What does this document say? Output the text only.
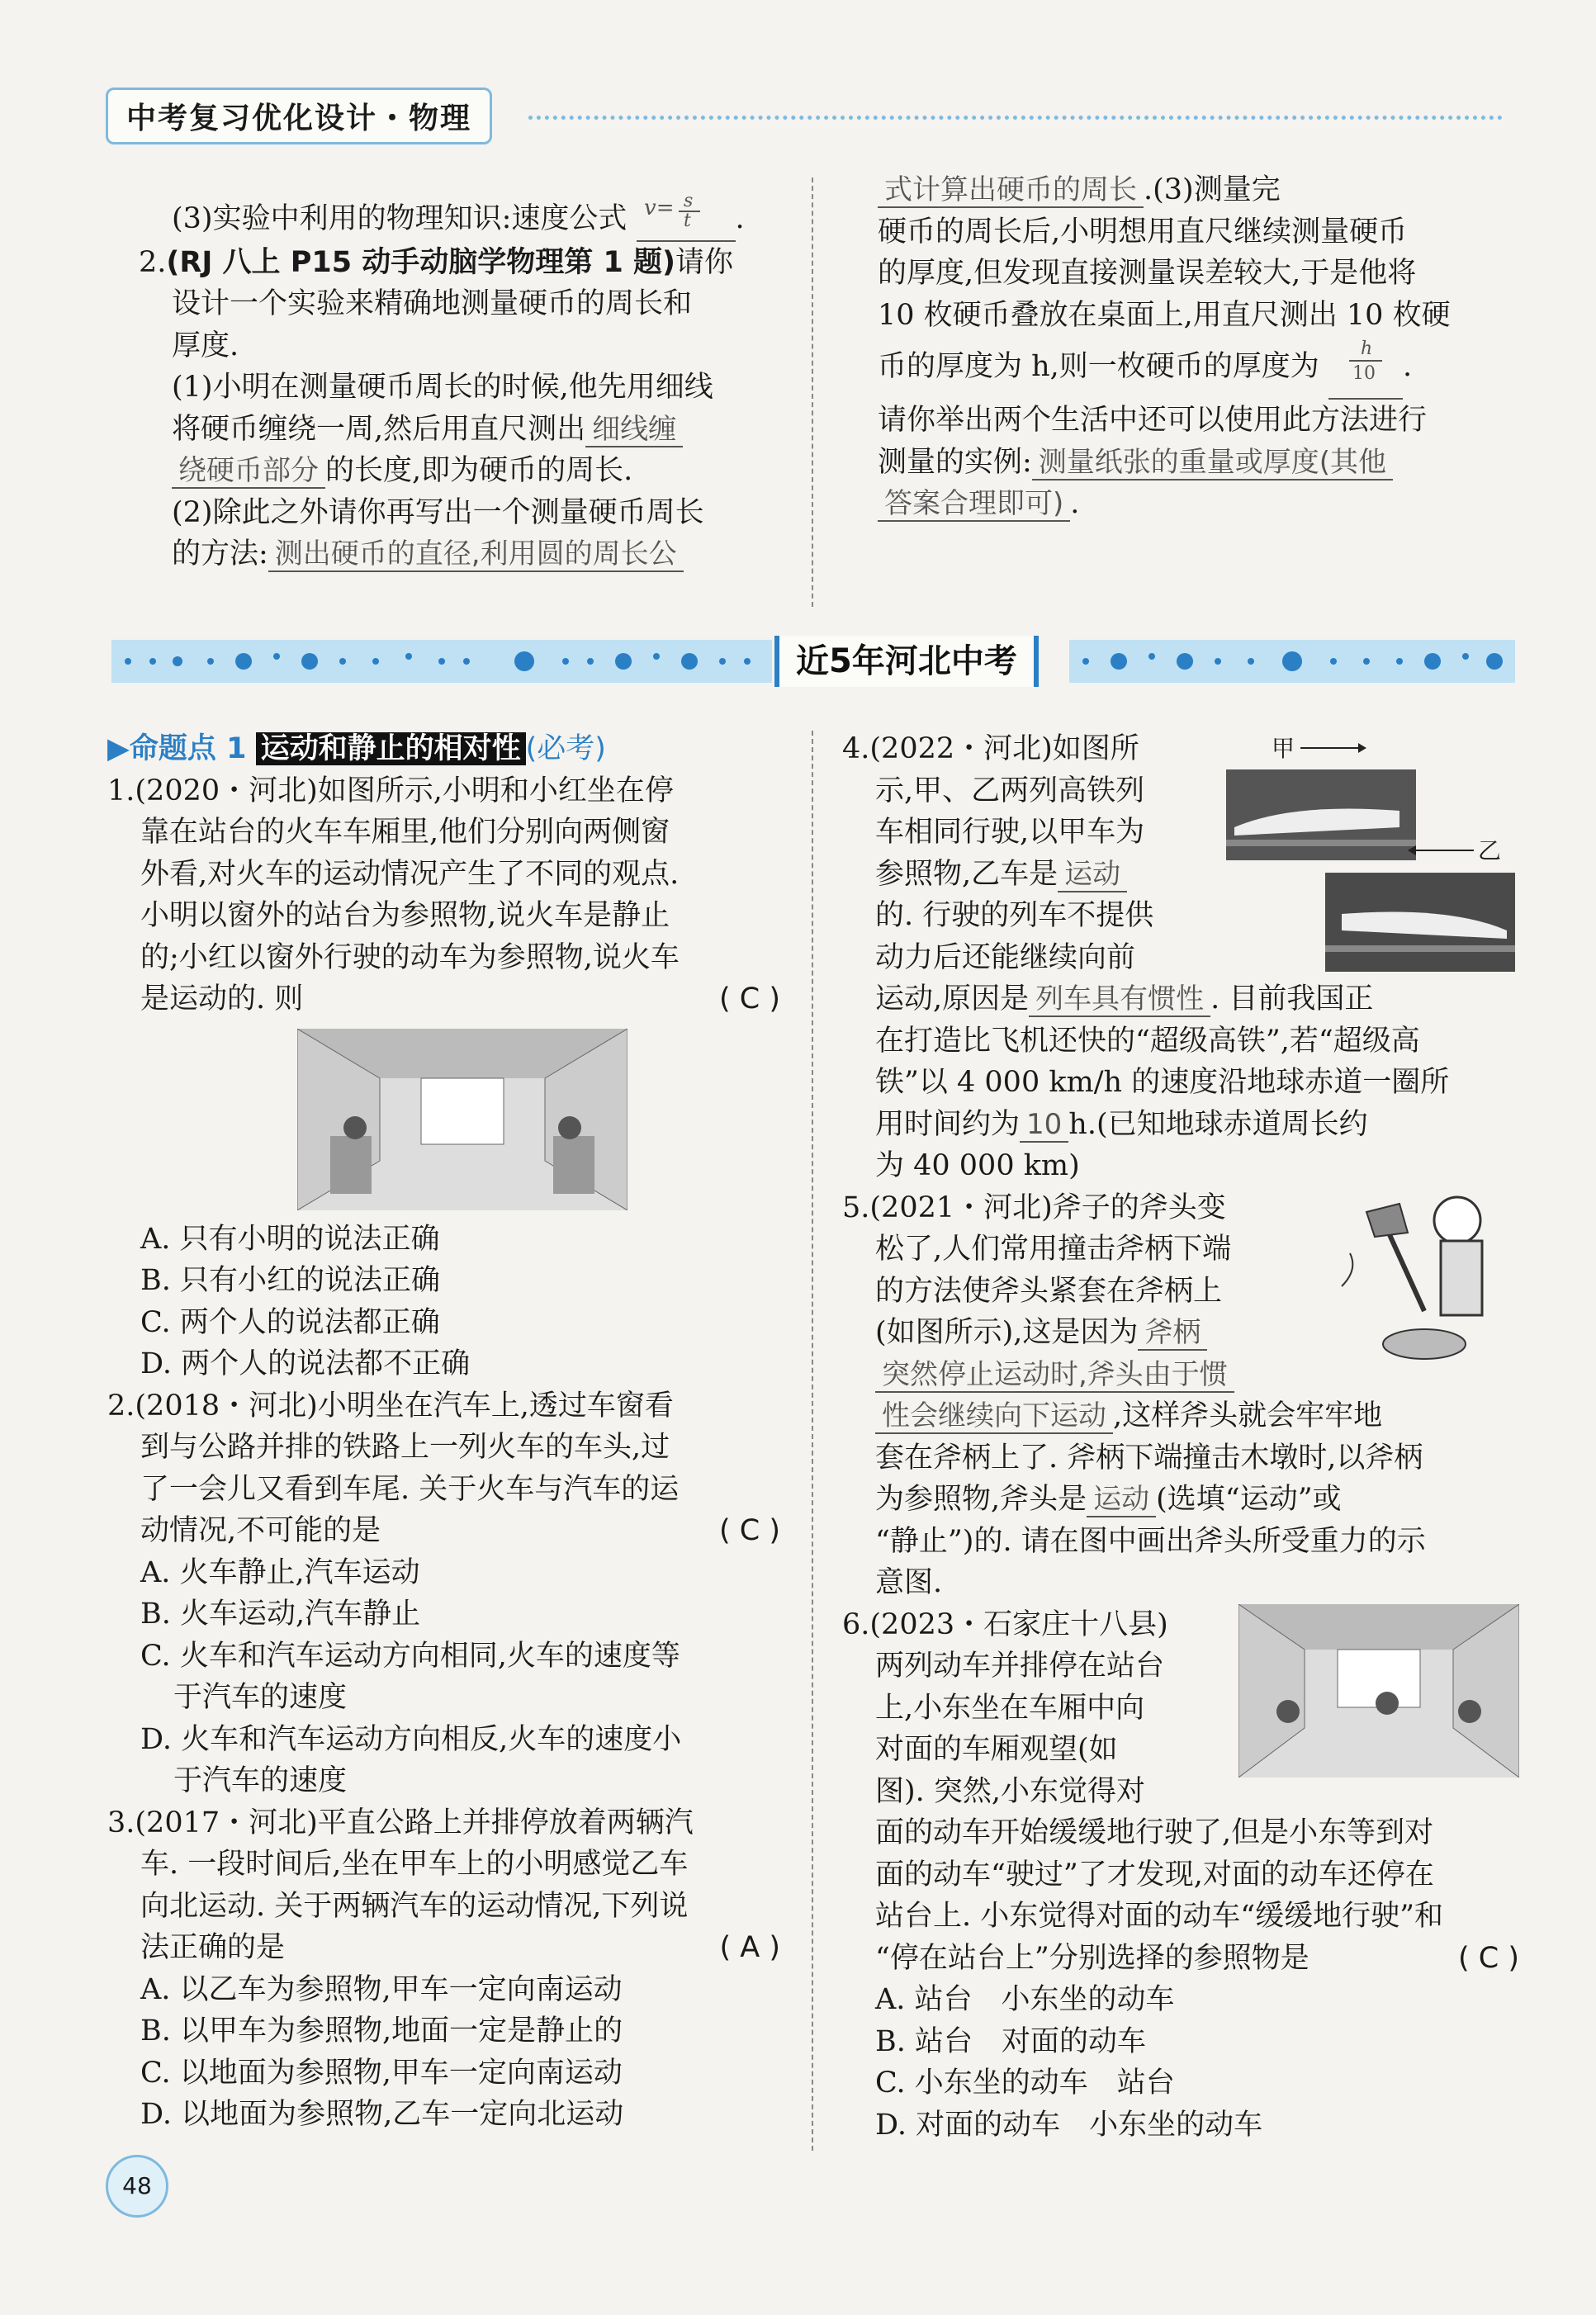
中考复习优化设计・物理

(3)实验中利用的物理知识:速度公式 v= s
t .

2.(RJ 八上 P15 动手动脑学物理第 1 题)请你

设计一个实验来精确地测量硬币的周长和

厚度.

(1)小明在测量硬币周长的时候,他先用细线

将硬币缠绕一周,然后用直尺测出 细线缠

绕硬币部分 的长度,即为硬币的周长.

(2)除此之外请你再写出一个测量硬币周长

的方法: 测出硬币的直径,利用圆的周长公

式计算出硬币的周长 .(3)测量完

硬币的周长后,小明想用直尺继续测量硬币

的厚度,但发现直接测量误差较大,于是他将

10 枚硬币叠放在桌面上,用直尺测出 10 枚硬

币的厚度为 h,则一枚硬币的厚度为
h
10 .

请你举出两个生活中还可以使用此方法进行

测量的实例: 测量纸张的重量或厚度(其他

答案合理即可) .

近5年河北中考

▶命题点 1 运动和静止的相对性 (必考)

1.(2020・河北)如图所示,小明和小红坐在停

靠在站台的火车车厢里,他们分别向两侧窗

外看,对火车的运动情况产生了不同的观点.

小明以窗外的站台为参照物,说火车是静止

的;小红以窗外行驶的动车为参照物,说火车

是运动的. 则	( C )

A. 只有小明的说法正确

B. 只有小红的说法正确

C. 两个人的说法都正确

D. 两个人的说法都不正确

2.(2018・河北)小明坐在汽车上,透过车窗看

到与公路并排的铁路上一列火车的车头,过

了一会儿又看到车尾. 关于火车与汽车的运

动情况,不可能的是	( C )

A. 火车静止,汽车运动

B. 火车运动,汽车静止

C. 火车和汽车运动方向相同,火车的速度等

于汽车的速度

D. 火车和汽车运动方向相反,火车的速度小

于汽车的速度

3.(2017・河北)平直公路上并排停放着两辆汽

车. 一段时间后,坐在甲车上的小明感觉乙车

向北运动. 关于两辆汽车的运动情况,下列说

法正确的是	( A )

A. 以乙车为参照物,甲车一定向南运动

B. 以甲车为参照物,地面一定是静止的

C. 以地面为参照物,甲车一定向南运动

D. 以地面为参照物,乙车一定向北运动

4.(2022・河北)如图所

示,甲、乙两列高铁列

车相同行驶,以甲车为

参照物,乙车是 运动

的. 行驶的列车不提供

动力后还能继续向前

甲
乙

运动,原因是 列车具有惯性 . 目前我国正

在打造比飞机还快的“超级高铁”,若“超级高

铁”以 4 000 km/h 的速度沿地球赤道一圈所

用时间约为 10 h.(已知地球赤道周长约

为 40 000 km)

5.(2021・河北)斧子的斧头变

松了,人们常用撞击斧柄下端

的方法使斧头紧套在斧柄上

(如图所示),这是因为 斧柄

突然停止运动时,斧头由于惯

性会继续向下运动 ,这样斧头就会牢牢地

套在斧柄上了. 斧柄下端撞击木墩时,以斧柄

为参照物,斧头是 运动 (选填“运动”或

“静止”)的. 请在图中画出斧头所受重力的示

意图.

6.(2023・石家庄十八县)

两列动车并排停在站台

上,小东坐在车厢中向

对面的车厢观望(如

图). 突然,小东觉得对

面的动车开始缓缓地行驶了,但是小东等到对

面的动车“驶过”了才发现,对面的动车还停在

站台上. 小东觉得对面的动车“缓缓地行驶”和

“停在站台上”分别选择的参照物是	( C )

A. 站台　小东坐的动车

B. 站台　对面的动车

C. 小东坐的动车　站台

D. 对面的动车　小东坐的动车

48
